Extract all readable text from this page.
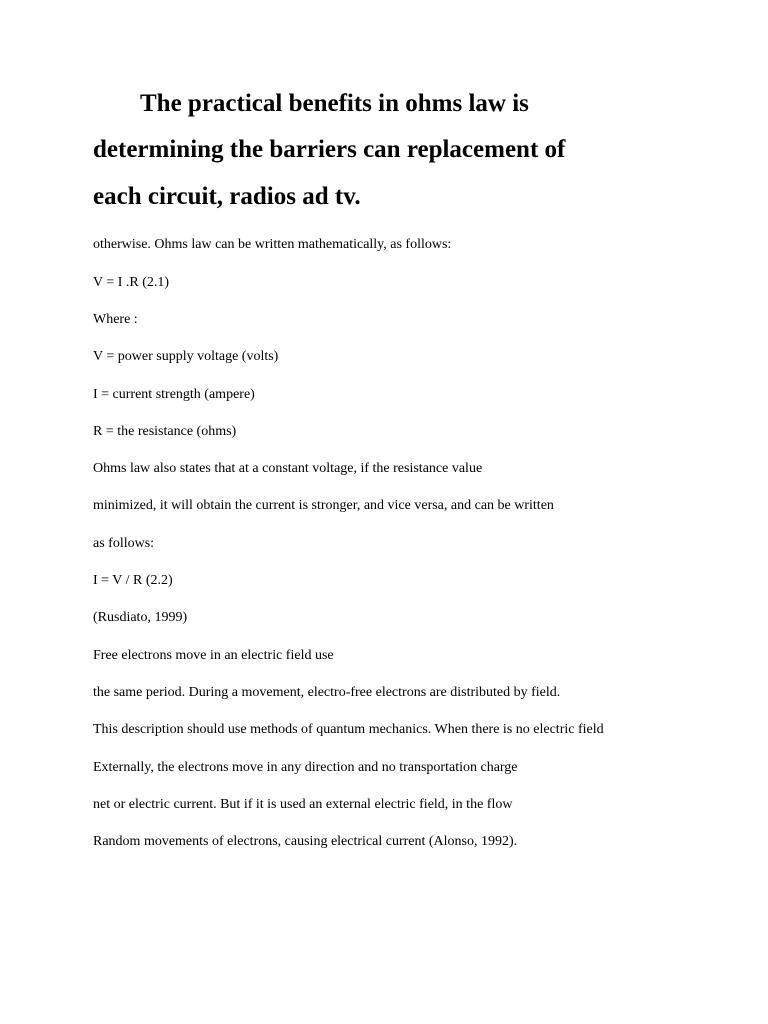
The practical benefits in ohms law is
determining the barriers can replacement of
each circuit, radios ad tv.
otherwise. Ohms law can be written mathematically, as follows:
V = I .R (2.1)
Where :
V = power supply voltage (volts)
I = current strength (ampere)
R = the resistance (ohms)
Ohms law also states that at a constant voltage, if the resistance value
minimized, it will obtain the current is stronger, and vice versa, and can be written
as follows:
I = V / R (2.2)
(Rusdiato, 1999)
Free electrons move in an electric field use
the same period. During a movement, electro-free electrons are distributed by field.
This description should use methods of quantum mechanics. When there is no electric field
Externally, the electrons move in any direction and no transportation charge
net or electric current. But if it is used an external electric field, in the flow
Random movements of electrons, causing electrical current (Alonso, 1992).
